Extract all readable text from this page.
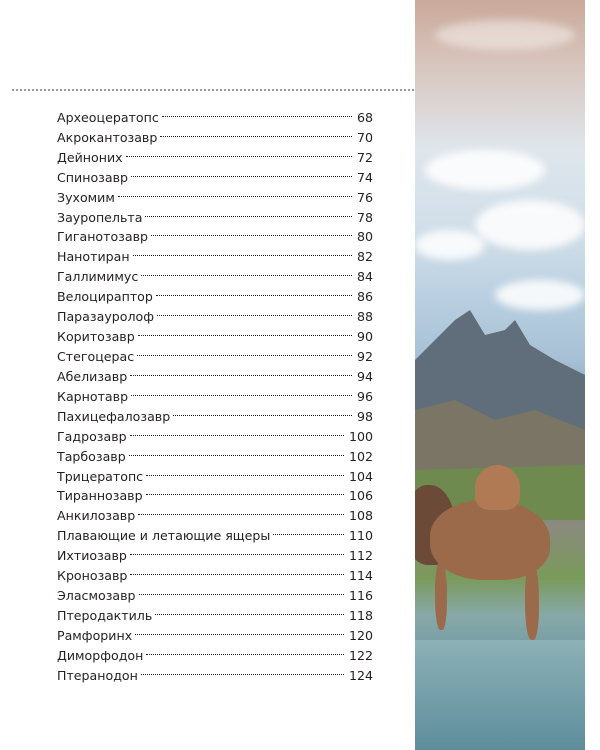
Археоцератопс	68
Акрокантозавр	70
Дейноних	72
Спинозавр	74
Зухомим	76
Зауропельта	78
Гиганотозавр	80
Нанотиран	82
Галлимимус	84
Велоцираптор	86
Паразауролоф	88
Коритозавр	90
Стегоцерас	92
Абелизавр	94
Карнотавр	96
Пахицефалозавр	98
Гадрозавр	100
Тарбозавр	102
Трицератопс	104
Тираннозавр	106
Анкилозавр	108
Плавающие и летающие ящеры	110
Ихтиозавр	112
Кронозавр	114
Эласмозавр	116
Птеродактиль	118
Рамфоринх	120
Диморфодон	122
Птеранодон	124
